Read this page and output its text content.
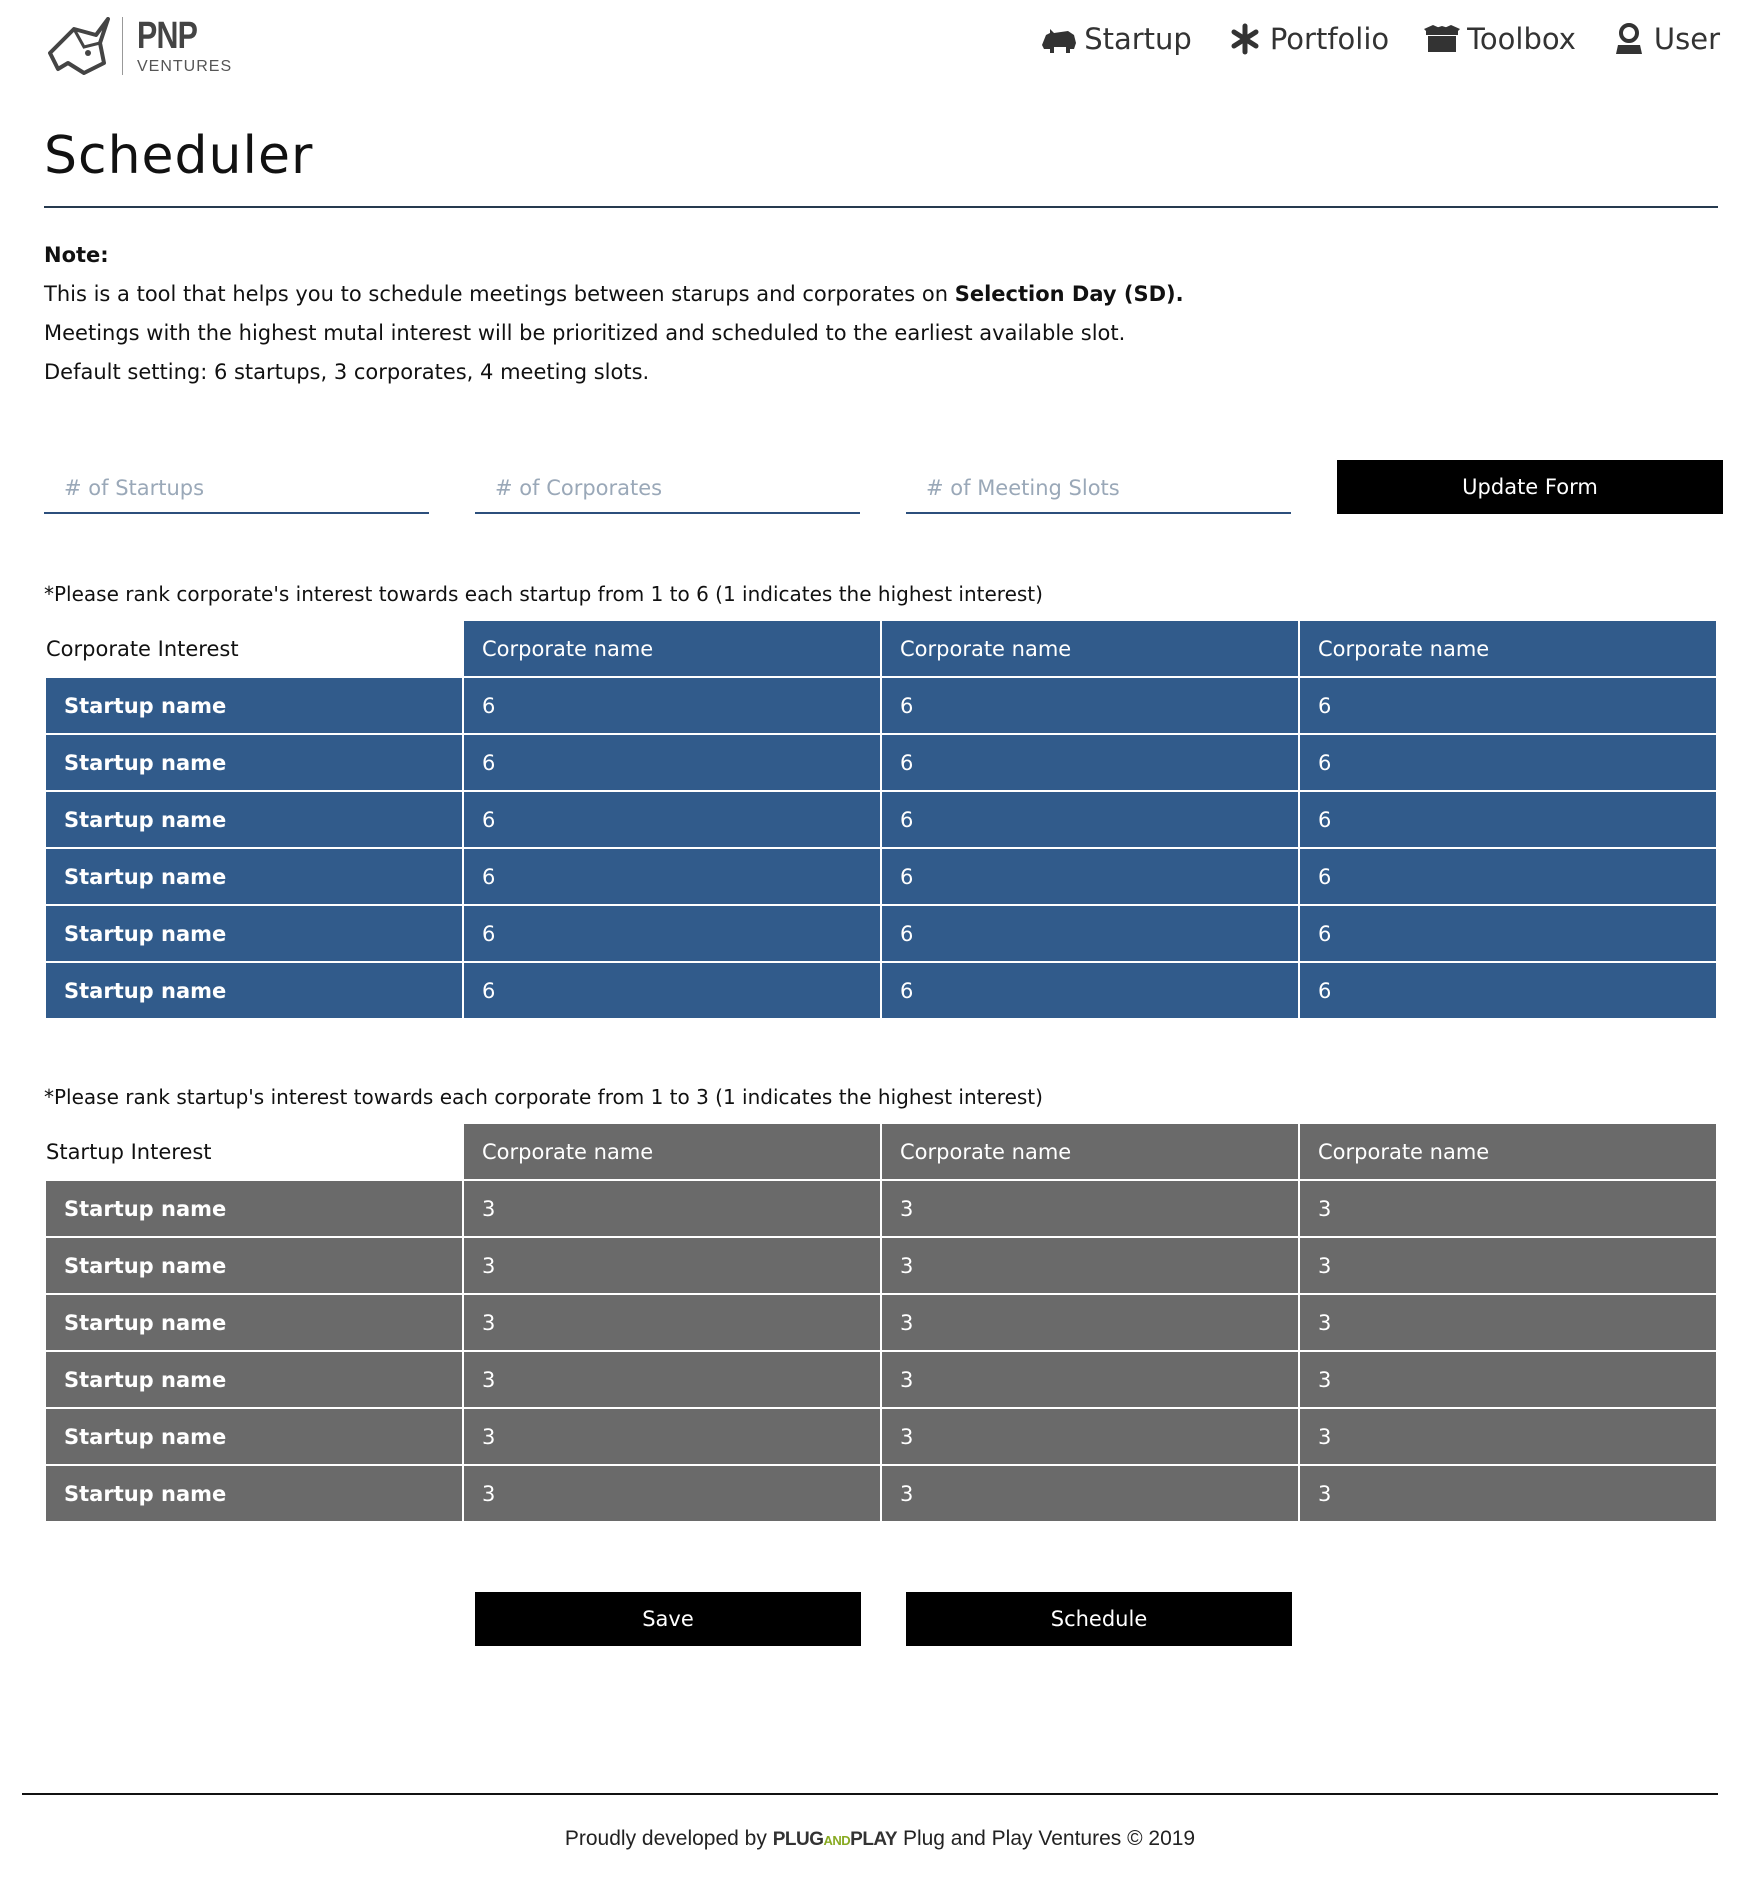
PNP
VENTURES
Startup	Portfolio	Toolbox	User
Scheduler
Note:
This is a tool that helps you to schedule meetings between starups and corporates on Selection Day (SD).
Meetings with the highest mutal interest will be prioritized and scheduled to the earliest available slot.
Default setting: 6 startups, 3 corporates, 4 meeting slots.
# of Startups
# of Corporates
# of Meeting Slots
Update Form
*Please rank corporate's interest towards each startup from 1 to 6 (1 indicates the highest interest)
Corporate Interest	Corporate name	Corporate name	Corporate name
Startup name	6	6	6
Startup name	6	6	6
Startup name	6	6	6
Startup name	6	6	6
Startup name	6	6	6
Startup name	6	6	6
*Please rank startup's interest towards each corporate from 1 to 3 (1 indicates the highest interest)
Startup Interest	Corporate name	Corporate name	Corporate name
Startup name	3	3	3
Startup name	3	3	3
Startup name	3	3	3
Startup name	3	3	3
Startup name	3	3	3
Startup name	3	3	3
Save	Schedule
Proudly developed by PLUGANDPLAY Plug and Play Ventures © 2019
